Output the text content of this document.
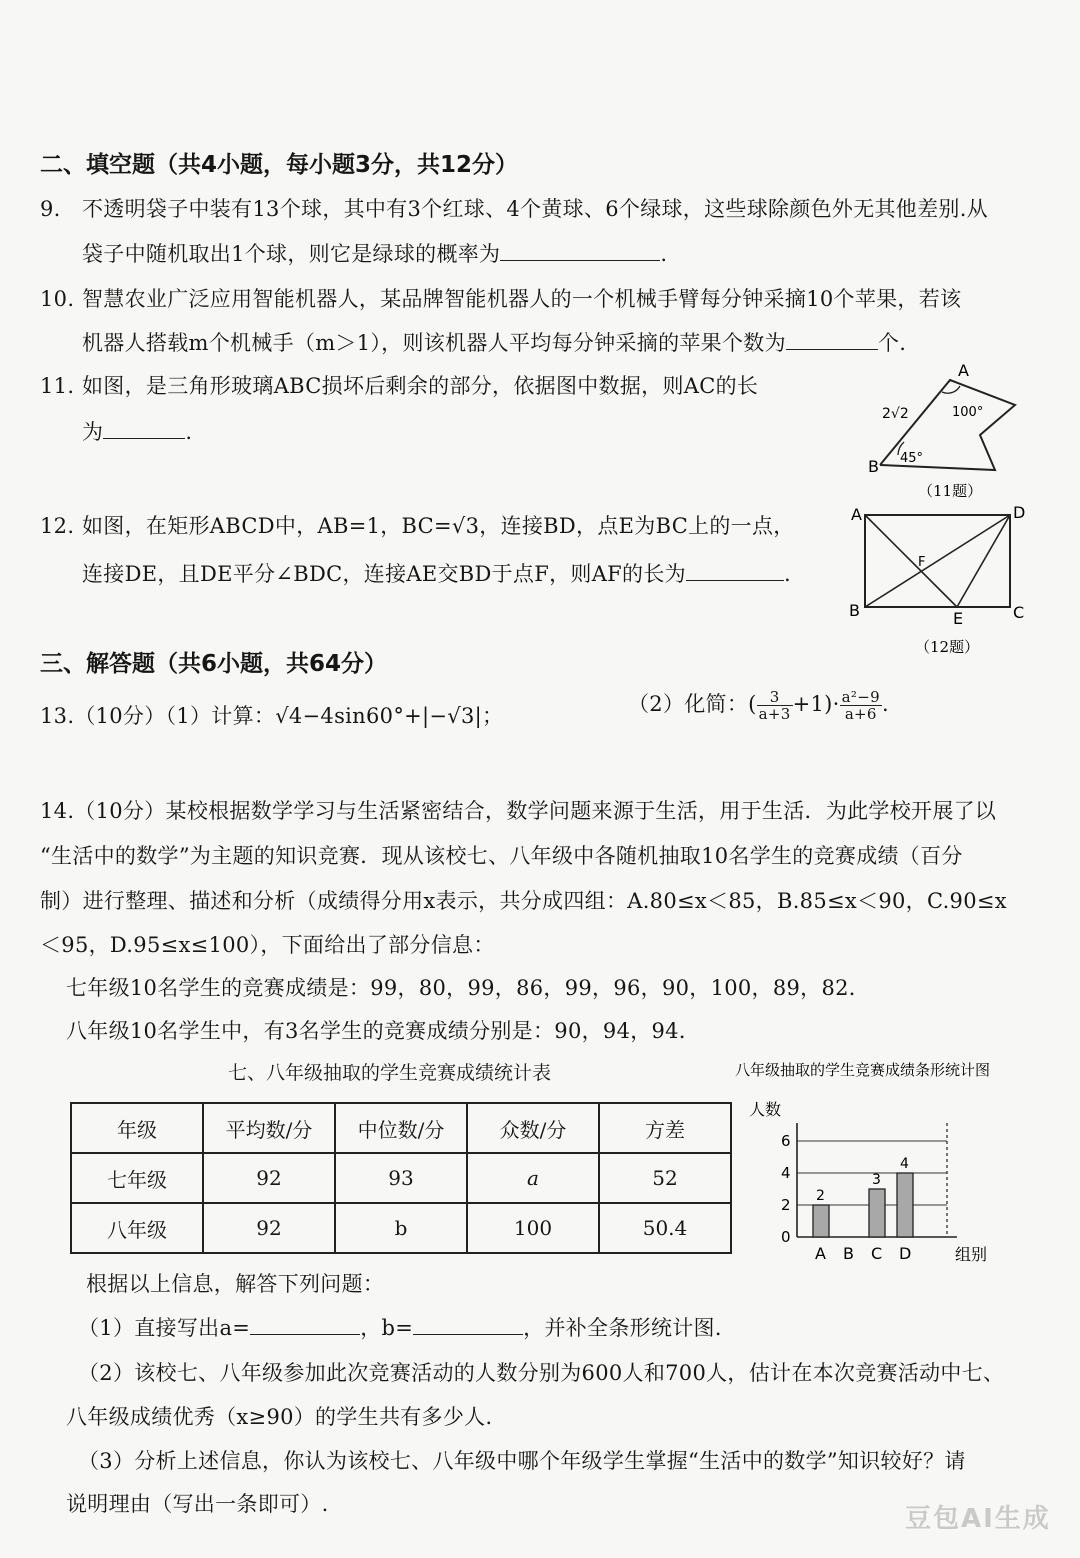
二、填空题（共4小题，每小题3分，共12分）
9. 不透明袋子中装有13个球，其中有3个红球、4个黄球、6个绿球，这些球除颜色外无其他差别.从
袋子中随机取出1个球，则它是绿球的概率为	.
10. 智慧农业广泛应用智能机器人，某品牌智能机器人的一个机械手臂每分钟采摘10个苹果，若该
机器人搭载m个机械手（m＞1），则该机器人平均每分钟采摘的苹果个数为	个.
11. 如图，是三角形玻璃ABC损坏后剩余的部分，依据图中数据，则AC的长
为	.
A
B
2√2	100°
45°
（11题）
12. 如图，在矩形ABCD中，AB=1，BC=√3，连接BD，点E为BC上的一点，
连接DE，且DE平分∠BDC，连接AE交BD于点F，则AF的长为	.
A	D
B	C
E
F
（12题）
三、解答题（共6小题，共64分）
13.（10分）（1）计算：√4−4sin60°+|−√3|；	（2）化简：( $\frac{3}{a+3} +1)\cdot \frac{\text{a²−9}}{a+6}$ .
14.（10分）某校根据数学学习与生活紧密结合，数学问题来源于生活，用于生活．为此学校开展了以
“生活中的数学”为主题的知识竞赛．现从该校七、八年级中各随机抽取10名学生的竞赛成绩（百分
制）进行整理、描述和分析（成绩得分用x表示，共分成四组：A.80≤x＜85，B.85≤x＜90，C.90≤x
＜95，D.95≤x≤100），下面给出了部分信息：
七年级10名学生的竞赛成绩是：99，80，99，86，99，96，90，100，89，82．
八年级10名学生中，有3名学生的竞赛成绩分别是：90，94，94．
七、八年级抽取的学生竞赛成绩统计表
年级	平均数/分	中位数/分	众数/分	方差
七年级	92	93	a	52
八年级	92	b	100	50.4
八年级抽取的学生竞赛成绩条形统计图
人数
组别
0
2
4
6
2
A B
3
C
4
D
根据以上信息，解答下列问题：
（1）直接写出a=	，b=	，并补全条形统计图．
（2）该校七、八年级参加此次竞赛活动的人数分别为600人和700人，估计在本次竞赛活动中七、
八年级成绩优秀（x≥90）的学生共有多少人．
（3）分析上述信息，你认为该校七、八年级中哪个年级学生掌握“生活中的数学”知识较好？请
说明理由（写出一条即可）.	豆包AI生成
